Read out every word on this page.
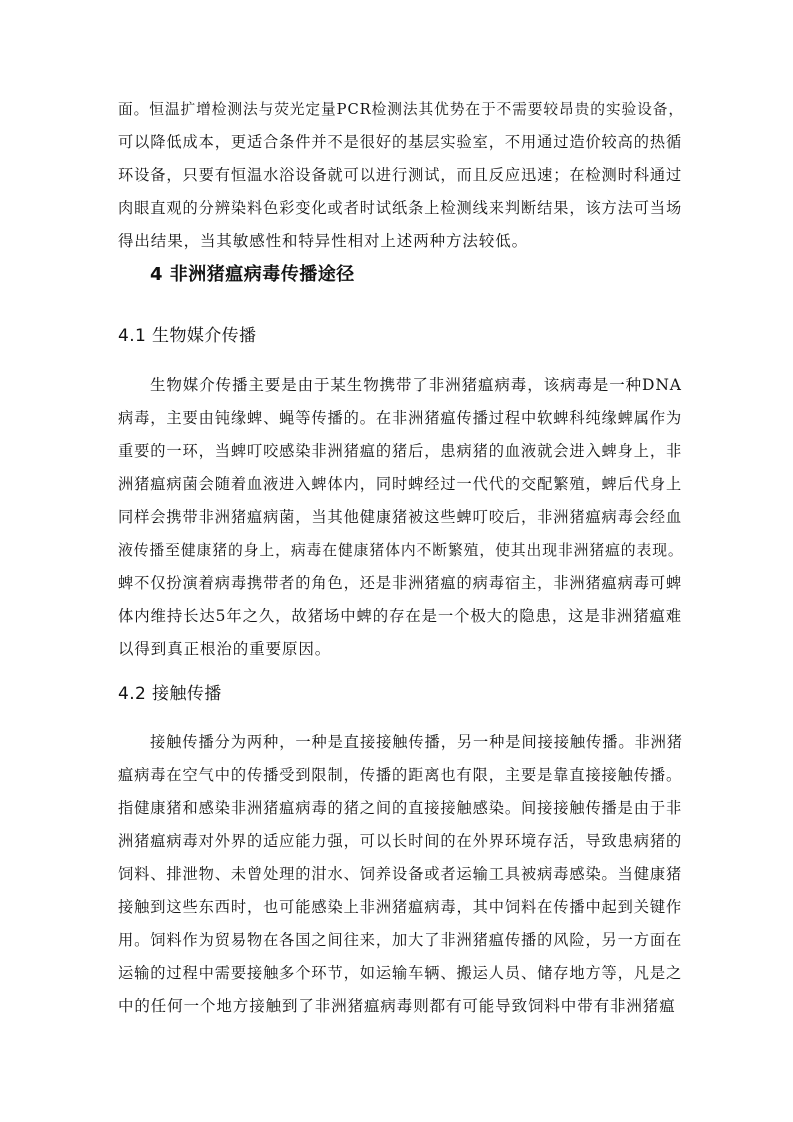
面。恒温扩增检测法与荧光定量PCR检测法其优势在于不需要较昂贵的实验设备，
可以降低成本，更适合条件并不是很好的基层实验室，不用通过造价较高的热循
环设备，只要有恒温水浴设备就可以进行测试，而且反应迅速；在检测时科通过
肉眼直观的分辨染料色彩变化或者时试纸条上检测线来判断结果，该方法可当场
得出结果，当其敏感性和特异性相对上述两种方法较低。
4 非洲猪瘟病毒传播途径
4.1 生物媒介传播
生物媒介传播主要是由于某生物携带了非洲猪瘟病毒，该病毒是一种DNA
病毒，主要由钝缘蜱、蝇等传播的。在非洲猪瘟传播过程中软蜱科纯缘蜱属作为
重要的一环，当蜱叮咬感染非洲猪瘟的猪后，患病猪的血液就会进入蜱身上，非
洲猪瘟病菌会随着血液进入蜱体内，同时蜱经过一代代的交配繁殖，蜱后代身上
同样会携带非洲猪瘟病菌，当其他健康猪被这些蜱叮咬后，非洲猪瘟病毒会经血
液传播至健康猪的身上，病毒在健康猪体内不断繁殖，使其出现非洲猪瘟的表现。
蜱不仅扮演着病毒携带者的角色，还是非洲猪瘟的病毒宿主，非洲猪瘟病毒可蜱
体内维持长达5年之久，故猪场中蜱的存在是一个极大的隐患，这是非洲猪瘟难
以得到真正根治的重要原因。
4.2 接触传播
接触传播分为两种，一种是直接接触传播，另一种是间接接触传播。非洲猪
瘟病毒在空气中的传播受到限制，传播的距离也有限，主要是靠直接接触传播。
指健康猪和感染非洲猪瘟病毒的猪之间的直接接触感染。间接接触传播是由于非
洲猪瘟病毒对外界的适应能力强，可以长时间的在外界环境存活，导致患病猪的
饲料、排泄物、未曾处理的泔水、饲养设备或者运输工具被病毒感染。当健康猪
接触到这些东西时，也可能感染上非洲猪瘟病毒，其中饲料在传播中起到关键作
用。饲料作为贸易物在各国之间往来，加大了非洲猪瘟传播的风险，另一方面在
运输的过程中需要接触多个环节，如运输车辆、搬运人员、储存地方等，凡是之
中的任何一个地方接触到了非洲猪瘟病毒则都有可能导致饲料中带有非洲猪瘟
